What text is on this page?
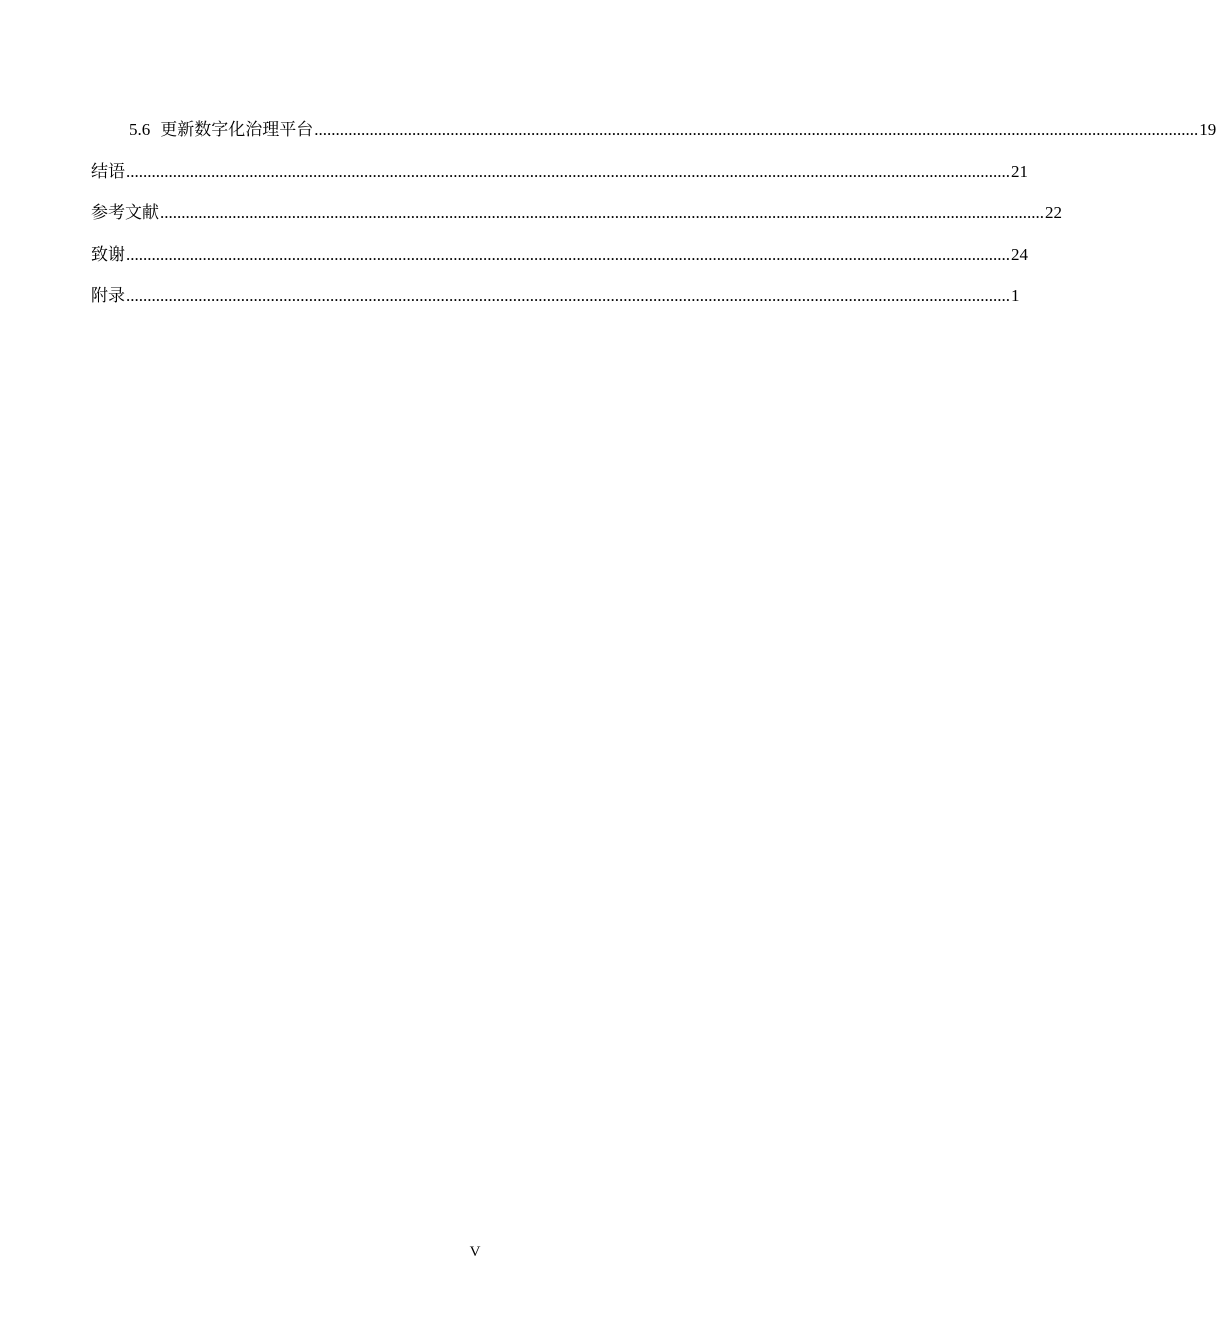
5.6 更新数字化治理平台 ................................................................................................................................................................................................................ 19
结语 ................................................................................................................................................................................................................ 21
参考文献 ................................................................................................................................................................................................................ 22
致谢 ................................................................................................................................................................................................................ 24
附录 ................................................................................................................................................................................................................ 1
V
